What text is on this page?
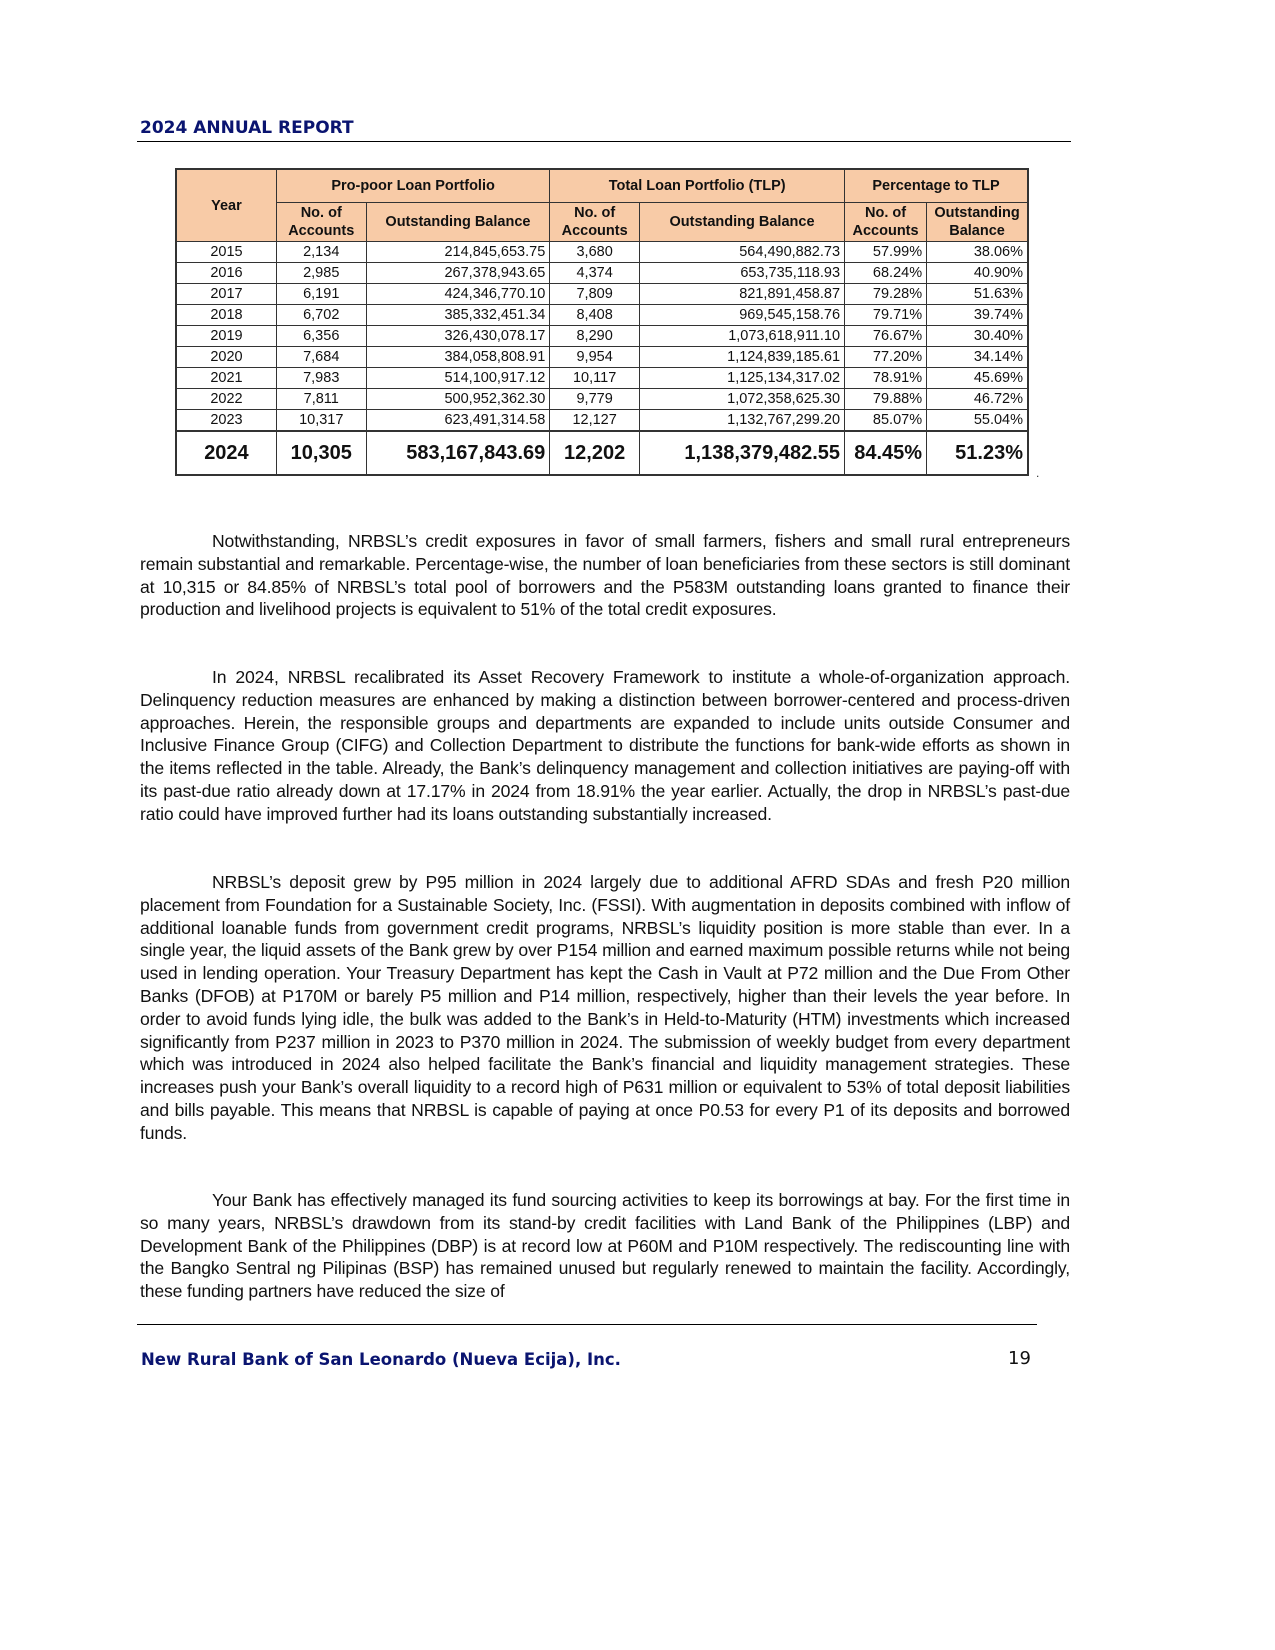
2024 ANNUAL REPORT
Year	Pro-poor Loan Portfolio		Total Loan Portfolio (TLP)		Percentage to TLP	
	No. of Accounts	Outstanding Balance	No. of Accounts	Outstanding Balance	No. of Accounts	Outstanding Balance
2015	2,134	214,845,653.75	3,680	564,490,882.73	57.99%	38.06%
2016	2,985	267,378,943.65	4,374	653,735,118.93	68.24%	40.90%
2017	6,191	424,346,770.10	7,809	821,891,458.87	79.28%	51.63%
2018	6,702	385,332,451.34	8,408	969,545,158.76	79.71%	39.74%
2019	6,356	326,430,078.17	8,290	1,073,618,911.10	76.67%	30.40%
2020	7,684	384,058,808.91	9,954	1,124,839,185.61	77.20%	34.14%
2021	7,983	514,100,917.12	10,117	1,125,134,317.02	78.91%	45.69%
2022	7,811	500,952,362.30	9,779	1,072,358,625.30	79.88%	46.72%
2023	10,317	623,491,314.58	12,127	1,132,767,299.20	85.07%	55.04%
2024	10,305	583,167,843.69	12,202	1,138,379,482.55	84.45%	51.23%
.

Notwithstanding, NRBSL’s credit exposures in favor of small farmers, fishers and small rural entrepreneurs remain substantial and remarkable. Percentage-wise, the number of loan beneficiaries from these sectors is still dominant at 10,315 or 84.85% of NRBSL’s total pool of borrowers and the P583M outstanding loans granted to finance their production and livelihood projects is equivalent to 51% of the total credit exposures.

In 2024, NRBSL recalibrated its Asset Recovery Framework to institute a whole-of-organization approach. Delinquency reduction measures are enhanced by making a distinction between borrower-centered and process-driven approaches. Herein, the responsible groups and departments are expanded to include units outside Consumer and Inclusive Finance Group (CIFG) and Collection Department to distribute the functions for bank-wide efforts as shown in the items reflected in the table. Already, the Bank’s delinquency management and collection initiatives are paying-off with its past-due ratio already down at 17.17% in 2024 from 18.91% the year earlier. Actually, the drop in NRBSL’s past-due ratio could have improved further had its loans outstanding substantially increased.

NRBSL’s deposit grew by P95 million in 2024 largely due to additional AFRD SDAs and fresh P20 million placement from Foundation for a Sustainable Society, Inc. (FSSI). With augmentation in deposits combined with inflow of additional loanable funds from government credit programs, NRBSL’s liquidity position is more stable than ever. In a single year, the liquid assets of the Bank grew by over P154 million and earned maximum possible returns while not being used in lending operation. Your Treasury Department has kept the Cash in Vault at P72 million and the Due From Other Banks (DFOB) at P170M or barely P5 million and P14 million, respectively, higher than their levels the year before. In order to avoid funds lying idle, the bulk was added to the Bank’s in Held-to-Maturity (HTM) investments which increased significantly from P237 million in 2023 to P370 million in 2024. The submission of weekly budget from every department which was introduced in 2024 also helped facilitate the Bank’s financial and liquidity management strategies. These increases push your Bank’s overall liquidity to a record high of P631 million or equivalent to 53% of total deposit liabilities and bills payable. This means that NRBSL is capable of paying at once P0.53 for every P1 of its deposits and borrowed funds.

Your Bank has effectively managed its fund sourcing activities to keep its borrowings at bay. For the first time in so many years, NRBSL’s drawdown from its stand-by credit facilities with Land Bank of the Philippines (LBP) and Development Bank of the Philippines (DBP) is at record low at P60M and P10M respectively. The rediscounting line with the Bangko Sentral ng Pilipinas (BSP) has remained unused but regularly renewed to maintain the facility. Accordingly, these funding partners have reduced the size of

New Rural Bank of San Leonardo (Nueva Ecija), Inc.	19
